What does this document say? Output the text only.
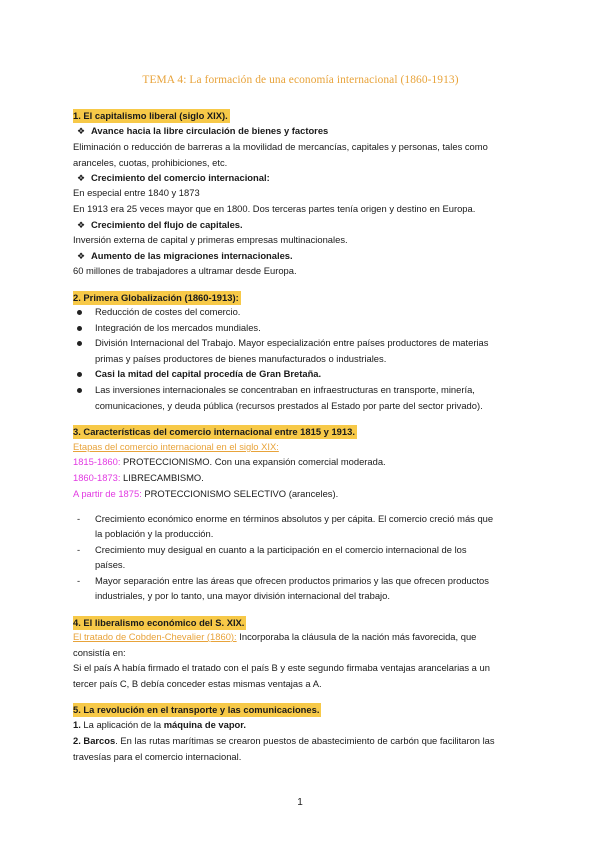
TEMA 4: La formación de una economía internacional (1860-1913)
1. El capitalismo liberal (siglo XIX).
❖ Avance hacia la libre circulación de bienes y factores
Eliminación o reducción de barreras a la movilidad de mercancías, capitales y personas, tales como
aranceles, cuotas, prohibiciones, etc.
❖ Crecimiento del comercio internacional:
En especial entre 1840 y 1873
En 1913 era 25 veces mayor que en 1800. Dos terceras partes tenía origen y destino en Europa.
❖ Crecimiento del flujo de capitales.
Inversión externa de capital y primeras empresas multinacionales.
❖ Aumento de las migraciones internacionales.
60 millones de trabajadores a ultramar desde Europa.
2. Primera Globalización (1860-1913):
Reducción de costes del comercio.
Integración de los mercados mundiales.
División Internacional del Trabajo. Mayor especialización entre países productores de materias
primas y países productores de bienes manufacturados o industriales.
Casi la mitad del capital procedía de Gran Bretaña.
Las inversiones internacionales se concentraban en infraestructuras en transporte, minería,
comunicaciones, y deuda pública (recursos prestados al Estado por parte del sector privado).
3. Características del comercio internacional entre 1815 y 1913.
Etapas del comercio internacional en el siglo XIX:
1815-1860: PROTECCIONISMO. Con una expansión comercial moderada.
1860-1873: LIBRECAMBISMO.
A partir de 1875: PROTECCIONISMO SELECTIVO (aranceles).
- Crecimiento económico enorme en términos absolutos y per cápita. El comercio creció más que
la población y la producción.
- Crecimiento muy desigual en cuanto a la participación en el comercio internacional de los
países.
- Mayor separación entre las áreas que ofrecen productos primarios y las que ofrecen productos
industriales, y por lo tanto, una mayor división internacional del trabajo.
4. El liberalismo económico del S. XIX.
El tratado de Cobden-Chevalier (1860): Incorporaba la cláusula de la nación más favorecida, que
consistía en:
Si el país A había firmado el tratado con el país B y este segundo firmaba ventajas arancelarias a un
tercer país C, B debía conceder estas mismas ventajas a A.
5. La revolución en el transporte y las comunicaciones.
1. La aplicación de la máquina de vapor.
2. Barcos. En las rutas marítimas se crearon puestos de abastecimiento de carbón que facilitaron las
travesías para el comercio internacional.
1
